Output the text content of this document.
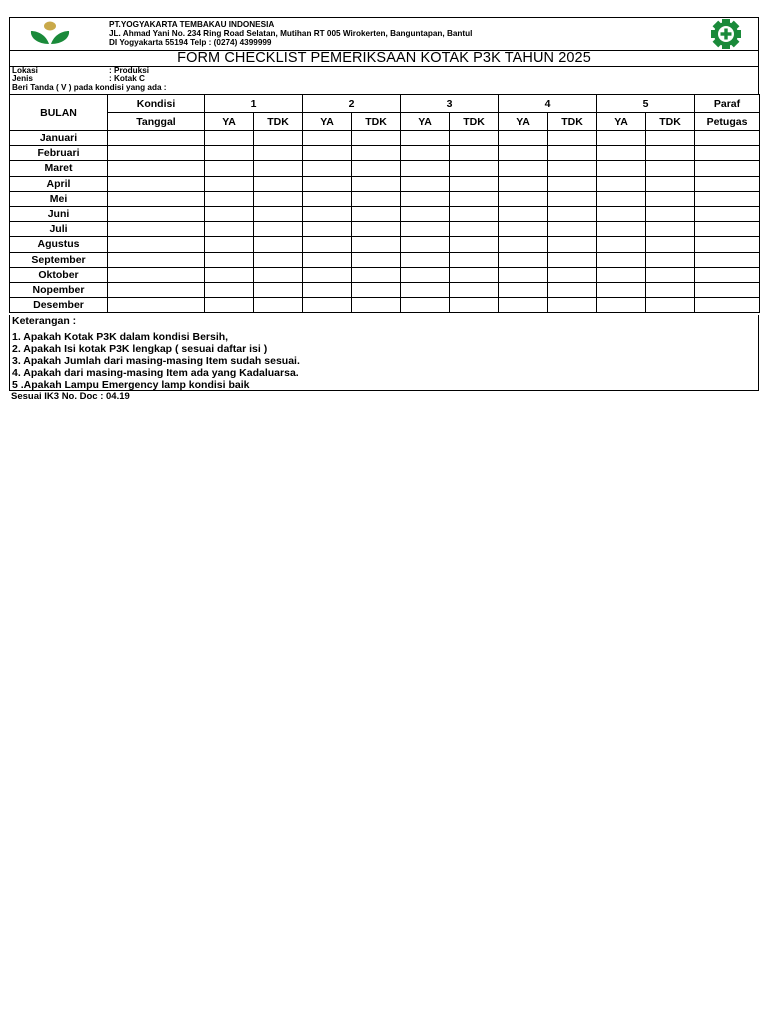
PT.YOGYAKARTA TEMBAKAU INDONESIA
JL. Ahmad Yani No. 234 Ring Road Selatan, Mutihan RT 005 Wirokerten, Banguntapan, Bantul
DI Yogyakarta 55194 Telp : (0274) 4399999
FORM CHECKLIST PEMERIKSAAN KOTAK P3K TAHUN 2025
Lokasi	: Produksi
Jenis	: Kotak C
Beri Tanda ( V ) pada kondisi yang ada :
BULAN	Kondisi	1		2		3		4		5		Paraf
	Tanggal	YA	TDK	YA	TDK	YA	TDK	YA	TDK	YA	TDK	Petugas
Januari												
Februari												
Maret												
April												
Mei												
Juni												
Juli												
Agustus												
September												
Oktober												
Nopember												
Desember												
Keterangan :
1. Apakah Kotak P3K dalam kondisi Bersih,
2. Apakah Isi kotak P3K lengkap ( sesuai daftar isi )
3. Apakah Jumlah dari masing-masing Item sudah sesuai.
4. Apakah dari masing-masing Item ada yang Kadaluarsa.
5 .Apakah Lampu Emergency lamp kondisi baik
Sesuai IK3 No. Doc : 04.19
